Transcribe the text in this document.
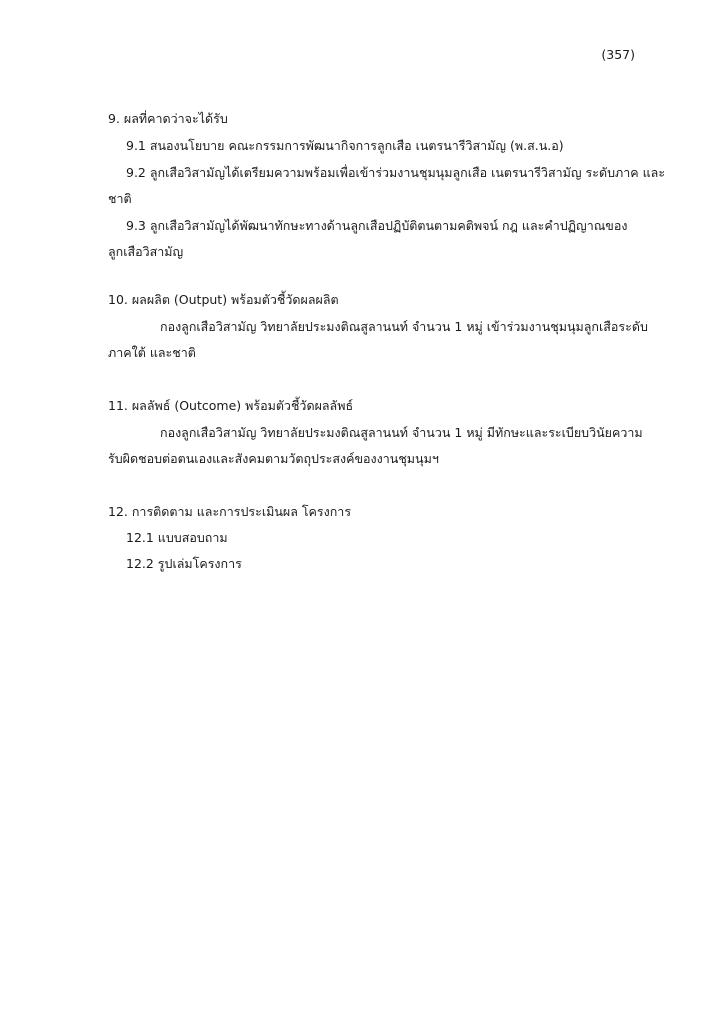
(357)
9. ผลที่คาดว่าจะได้รับ
9.1 สนองนโยบาย คณะกรรมการพัฒนากิจการลูกเสือ เนตรนารีวิสามัญ (พ.ส.น.อ)
9.2 ลูกเสือวิสามัญได้เตรียมความพร้อมเพื่อเข้าร่วมงานชุมนุมลูกเสือ เนตรนารีวิสามัญ ระดับภาค และ
ชาติ
9.3 ลูกเสือวิสามัญได้พัฒนาทักษะทางด้านลูกเสือปฏิบัติตนตามคติพจน์ กฎ และคำปฏิญาณของ
ลูกเสือวิสามัญ
10. ผลผลิต (Output) พร้อมตัวชี้วัดผลผลิต
กองลูกเสือวิสามัญ วิทยาลัยประมงติณสูลานนท์ จำนวน 1 หมู่ เข้าร่วมงานชุมนุมลูกเสือระดับ
ภาคใต้ และชาติ
11. ผลลัพธ์ (Outcome) พร้อมตัวชี้วัดผลลัพธ์
กองลูกเสือวิสามัญ วิทยาลัยประมงติณสูลานนท์ จำนวน 1 หมู่ มีทักษะและระเบียบวินัยความ
รับผิดชอบต่อตนเองและสังคมตามวัตถุประสงค์ของงานชุมนุมฯ
12. การติดตาม และการประเมินผล โครงการ
12.1 แบบสอบถาม
12.2 รูปเล่มโครงการ
